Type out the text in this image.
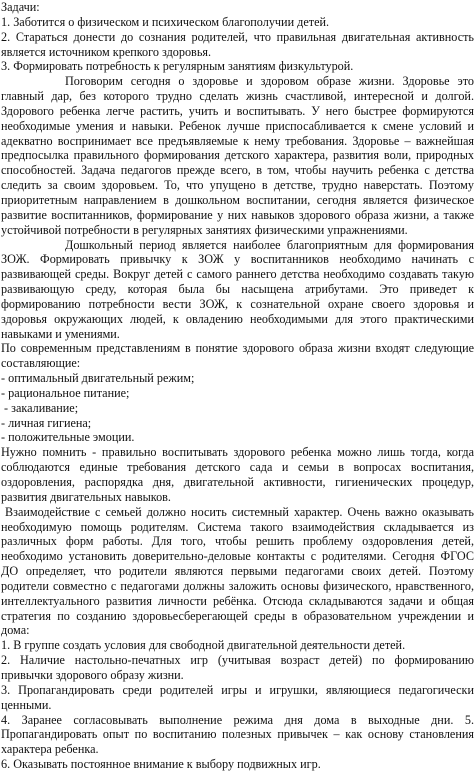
Задачи:

1. Заботится о физическом и психическом благополучии детей.

2. Стараться донести до сознания родителей, что правильная двигательная активность является источником крепкого здоровья.

3. Формировать потребность к регулярным занятиям физкультурой.

Поговорим сегодня о здоровье и здоровом образе жизни. Здоровье это главный дар, без которого трудно сделать жизнь счастливой, интересной и долгой. Здорового ребенка легче растить, учить и воспитывать. У него быстрее формируются необходимые умения и навыки. Ребенок лучше приспосабливается к смене условий и адекватно воспринимает все предъявляемые к нему требования. Здоровье – важнейшая предпосылка правильного формирования детского характера, развития воли, природных способностей. Задача педагогов прежде всего, в том, чтобы научить ребенка с детства следить за своим здоровьем. То, что упущено в детстве, трудно наверстать. Поэтому приоритетным направлением в дошкольном воспитании, сегодня является физическое развитие воспитанников, формирование у них навыков здорового образа жизни, а также устойчивой потребности в регулярных занятиях физическими упражнениями.

Дошкольный период является наиболее благоприятным для формирования ЗОЖ. Формировать привычку к ЗОЖ у воспитанников необходимо начинать с развивающей среды. Вокруг детей с самого раннего детства необходимо создавать такую развивающую среду, которая была бы насыщена атрибутами. Это приведет к формированию потребности вести ЗОЖ, к сознательной охране своего здоровья и здоровья окружающих людей, к овладению необходимыми для этого практическими навыками и умениями.

По современным представлениям в понятие здорового образа жизни входят следующие составляющие:

- оптимальный двигательный режим;

- рациональное питание;

- закаливание;

- личная гигиена;

- положительные эмоции.

Нужно помнить - правильно воспитывать здорового ребенка можно лишь тогда, когда соблюдаются единые требования детского сада и семьи в вопросах воспитания, оздоровления, распорядка дня, двигательной активности, гигиенических процедур, развития двигательных навыков.

Взаимодействие с семьей должно носить системный характер. Очень важно оказывать необходимую помощь родителям. Система такого взаимодействия складывается из различных форм работы. Для того, чтобы решить проблему оздоровления детей, необходимо установить доверительно-деловые контакты с родителями. Сегодня ФГОС ДО определяет, что родители являются первыми педагогами своих детей. Поэтому родители совместно с педагогами должны заложить основы физического, нравственного, интеллектуального развития личности ребёнка. Отсюда складываются задачи и общая стратегия по созданию здоровьесберегающей среды в образовательном учреждении и дома:

1. В группе создать условия для свободной двигательной деятельности детей.

2. Наличие настольно-печатных игр (учитывая возраст детей) по формированию привычки здорового образу жизни.

3. Пропагандировать среди родителей игры и игрушки, являющиеся педагогически ценными.

4. Заранее согласовывать выполнение режима дня дома в выходные дни. 5. Пропагандировать опыт по воспитанию полезных привычек – как основу становления характера ребенка.

6. Оказывать постоянное внимание к выбору подвижных игр.
